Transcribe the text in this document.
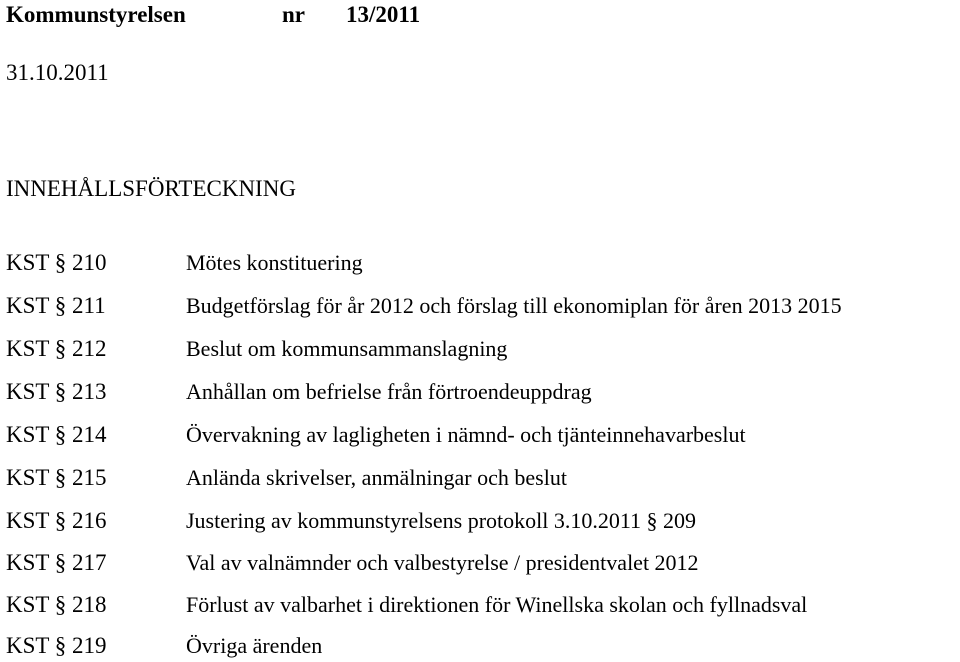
Kommunstyrelsen	nr 13/2011
31.10.2011
INNEHÅLLSFÖRTECKNING
KST § 210	Mötes konstituering
KST § 211	Budgetförslag för år 2012 och förslag till ekonomiplan för åren 2013 2015
KST § 212	Beslut om kommunsammanslagning
KST § 213	Anhållan om befrielse från förtroendeuppdrag
KST § 214	Övervakning av lagligheten i nämnd- och tjänteinnehavarbeslut
KST § 215	Anlända skrivelser, anmälningar och beslut
KST § 216	Justering av kommunstyrelsens protokoll 3.10.2011 § 209
KST § 217	Val av valnämnder och valbestyrelse / presidentvalet 2012
KST § 218	Förlust av valbarhet i direktionen för Winellska skolan och fyllnadsval
KST § 219	Övriga ärenden
